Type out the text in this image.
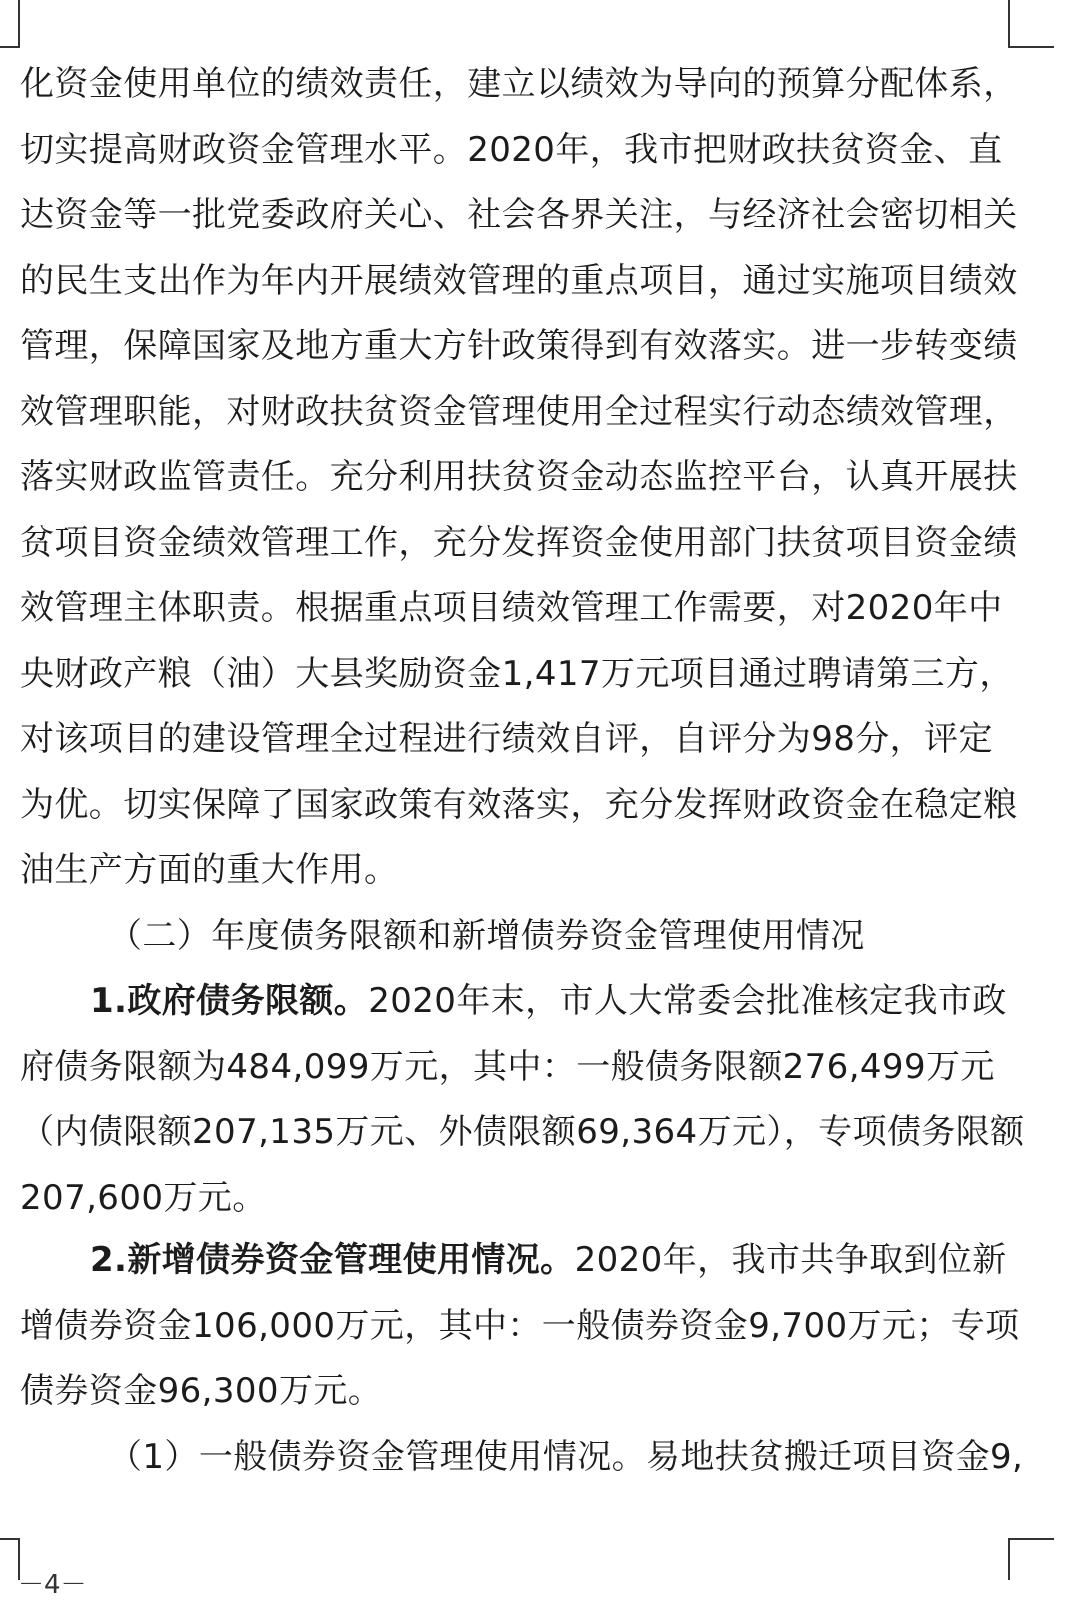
化资金使用单位的绩效责任，建立以绩效为导向的预算分配体系，
切实提高财政资金管理水平。2020年，我市把财政扶贫资金、直
达资金等一批党委政府关心、社会各界关注，与经济社会密切相关
的民生支出作为年内开展绩效管理的重点项目，通过实施项目绩效
管理，保障国家及地方重大方针政策得到有效落实。进一步转变绩
效管理职能，对财政扶贫资金管理使用全过程实行动态绩效管理，
落实财政监管责任。充分利用扶贫资金动态监控平台，认真开展扶
贫项目资金绩效管理工作，充分发挥资金使用部门扶贫项目资金绩
效管理主体职责。根据重点项目绩效管理工作需要，对2020年中
央财政产粮（油）大县奖励资金1,417万元项目通过聘请第三方，
对该项目的建设管理全过程进行绩效自评，自评分为98分，评定
为优。切实保障了国家政策有效落实，充分发挥财政资金在稳定粮
油生产方面的重大作用。
（二）年度债务限额和新增债券资金管理使用情况
1.政府债务限额。2020年末，市人大常委会批准核定我市政
府债务限额为484,099万元，其中：一般债务限额276,499万元
（内债限额207,135万元、外债限额69,364万元），专项债务限额
207,600万元。
2.新增债券资金管理使用情况。2020年，我市共争取到位新
增债券资金106,000万元，其中：一般债券资金9,700万元；专项
债券资金96,300万元。
（1）一般债券资金管理使用情况。易地扶贫搬迁项目资金9,
－4－
